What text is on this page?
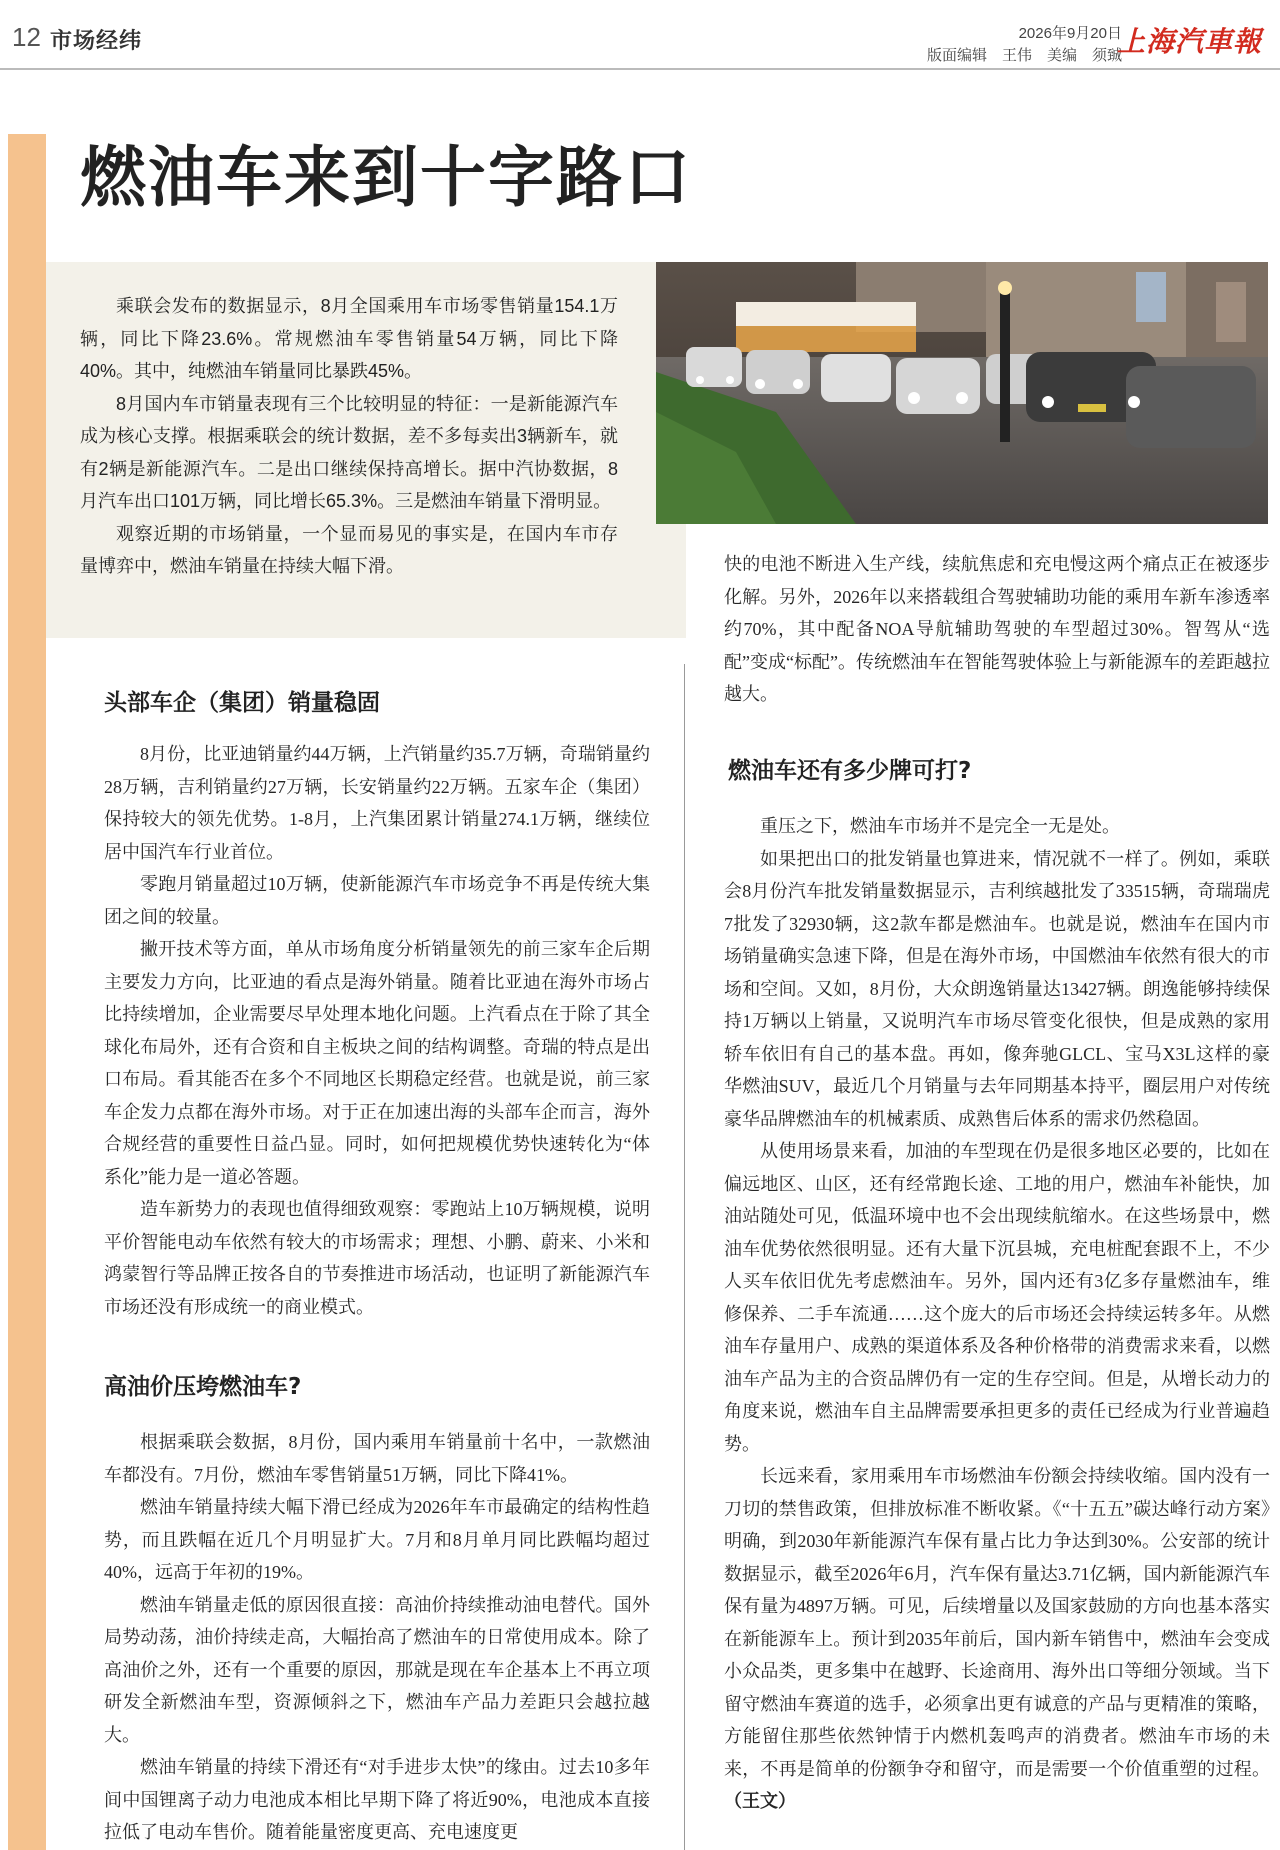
12 市场经纬	2026年9月20日
版面编辑　王伟　美编　须臹
上海汽車報
燃油车来到十字路口

乘联会发布的数据显示，8月全国乘用车市场零售销量154.1万辆，同比下降23.6%。常规燃油车零售销量54万辆，同比下降40%。其中，纯燃油车销量同比暴跌45%。

8月国内车市销量表现有三个比较明显的特征：一是新能源汽车成为核心支撑。根据乘联会的统计数据，差不多每卖出3辆新车，就有2辆是新能源汽车。二是出口继续保持高增长。据中汽协数据，8月汽车出口101万辆，同比增长65.3%。三是燃油车销量下滑明显。

观察近期的市场销量，一个显而易见的事实是，在国内车市存量博弈中，燃油车销量在持续大幅下滑。	快的电池不断进入生产线，续航焦虑和充电慢这两个痛点正在被逐步化解。另外，2026年以来搭载组合驾驶辅助功能的乘用车新车渗透率约70%，其中配备NOA导航辅助驾驶的车型超过30%。智驾从“选配”变成“标配”。传统燃油车在智能驾驶体验上与新能源车的差距越拉越大。

头部车企（集团）销量稳固

8月份，比亚迪销量约44万辆，上汽销量约35.7万辆，奇瑞销量约28万辆，吉利销量约27万辆，长安销量约22万辆。五家车企（集团）保持较大的领先优势。1-8月，上汽集团累计销量274.1万辆，继续位居中国汽车行业首位。

零跑月销量超过10万辆，使新能源汽车市场竞争不再是传统大集团之间的较量。

撇开技术等方面，单从市场角度分析销量领先的前三家车企后期主要发力方向，比亚迪的看点是海外销量。随着比亚迪在海外市场占比持续增加，企业需要尽早处理本地化问题。上汽看点在于除了其全球化布局外，还有合资和自主板块之间的结构调整。奇瑞的特点是出口布局。看其能否在多个不同地区长期稳定经营。也就是说，前三家车企发力点都在海外市场。对于正在加速出海的头部车企而言，海外合规经营的重要性日益凸显。同时，如何把规模优势快速转化为“体系化”能力是一道必答题。

造车新势力的表现也值得细致观察：零跑站上10万辆规模，说明平价智能电动车依然有较大的市场需求；理想、小鹏、蔚来、小米和鸿蒙智行等品牌正按各自的节奏推进市场活动，也证明了新能源汽车市场还没有形成统一的商业模式。

高油价压垮燃油车?

根据乘联会数据，8月份，国内乘用车销量前十名中，一款燃油车都没有。7月份，燃油车零售销量51万辆，同比下降41%。

燃油车销量持续大幅下滑已经成为2026年车市最确定的结构性趋势，而且跌幅在近几个月明显扩大。7月和8月单月同比跌幅均超过40%，远高于年初的19%。

燃油车销量走低的原因很直接：高油价持续推动油电替代。国外局势动荡，油价持续走高，大幅抬高了燃油车的日常使用成本。除了高油价之外，还有一个重要的原因，那就是现在车企基本上不再立项研发全新燃油车型，资源倾斜之下，燃油车产品力差距只会越拉越大。

燃油车销量的持续下滑还有“对手进步太快”的缘由。过去10多年间中国锂离子动力电池成本相比早期下降了将近90%，电池成本直接拉低了电动车售价。随着能量密度更高、充电速度更

燃油车还有多少牌可打?

重压之下，燃油车市场并不是完全一无是处。

如果把出口的批发销量也算进来，情况就不一样了。例如，乘联会8月份汽车批发销量数据显示，吉利缤越批发了33515辆，奇瑞瑞虎7批发了32930辆，这2款车都是燃油车。也就是说，燃油车在国内市场销量确实急速下降，但是在海外市场，中国燃油车依然有很大的市场和空间。又如，8月份，大众朗逸销量达13427辆。朗逸能够持续保持1万辆以上销量，又说明汽车市场尽管变化很快，但是成熟的家用轿车依旧有自己的基本盘。再如，像奔驰GLCL、宝马X3L这样的豪华燃油SUV，最近几个月销量与去年同期基本持平，圈层用户对传统豪华品牌燃油车的机械素质、成熟售后体系的需求仍然稳固。

从使用场景来看，加油的车型现在仍是很多地区必要的，比如在偏远地区、山区，还有经常跑长途、工地的用户，燃油车补能快，加油站随处可见，低温环境中也不会出现续航缩水。在这些场景中，燃油车优势依然很明显。还有大量下沉县城，充电桩配套跟不上，不少人买车依旧优先考虑燃油车。另外，国内还有3亿多存量燃油车，维修保养、二手车流通……这个庞大的后市场还会持续运转多年。从燃油车存量用户、成熟的渠道体系及各种价格带的消费需求来看，以燃油车产品为主的合资品牌仍有一定的生存空间。但是，从增长动力的角度来说，燃油车自主品牌需要承担更多的责任已经成为行业普遍趋势。

长远来看，家用乘用车市场燃油车份额会持续收缩。国内没有一刀切的禁售政策，但排放标准不断收紧。《“十五五”碳达峰行动方案》明确，到2030年新能源汽车保有量占比力争达到30%。公安部的统计数据显示，截至2026年6月，汽车保有量达3.71亿辆，国内新能源汽车保有量为4897万辆。可见，后续增量以及国家鼓励的方向也基本落实在新能源车上。预计到2035年前后，国内新车销售中，燃油车会变成小众品类，更多集中在越野、长途商用、海外出口等细分领域。当下留守燃油车赛道的选手，必须拿出更有诚意的产品与更精准的策略，方能留住那些依然钟情于内燃机轰鸣声的消费者。燃油车市场的未来，不再是简单的份额争夺和留守，而是需要一个价值重塑的过程。（王文）
